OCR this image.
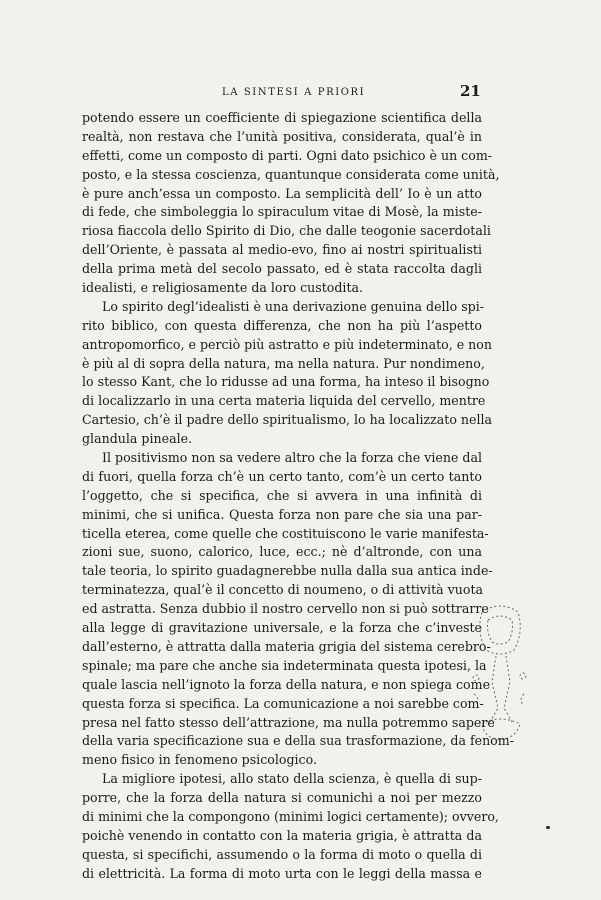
LA SINTESI A PRIORI	21
potendo essere un coefficiente di spiegazione scientifica della
realtà, non restava che l’unità positiva, considerata, qual’è in
effetti, come un composto di parti. Ogni dato psichico è un com-
posto, e la stessa coscienza, quantunque considerata come unità,
è pure anch’essa un composto. La semplicità dell’ Io è un atto
di fede, che simboleggia lo spiraculum vitae di Mosè, la miste-
riosa fiaccola dello Spirito di Dio, che dalle teogonie sacerdotali
dell’Oriente, è passata al medio-evo, fino ai nostri spiritualisti
della prima metà del secolo passato, ed è stata raccolta dagli
idealisti, e religiosamente da loro custodita.
Lo spirito degl’idealisti è una derivazione genuina dello spi-
rito biblico, con questa differenza, che non ha più l’aspetto
antropomorfico, e perciò più astratto e più indeterminato, e non
è più al di sopra della natura, ma nella natura. Pur nondimeno,
lo stesso Kant, che lo ridusse ad una forma, ha inteso il bisogno
di localizzarlo in una certa materia liquida del cervello, mentre
Cartesio, ch’è il padre dello spiritualismo, lo ha localizzato nella
glandula pineale.
Il positivismo non sa vedere altro che la forza che viene dal
di fuori, quella forza ch’è un certo tanto, com’è un certo tanto
l’oggetto, che si specifica, che si avvera in una infinità di
minimi, che si unifica. Questa forza non pare che sia una par-
ticella eterea, come quelle che costituiscono le varie manifesta-
zioni sue, suono, calorico, luce, ecc.; nè d’altronde, con una
tale teoria, lo spirito guadagnerebbe nulla dalla sua antica inde-
terminatezza, qual’è il concetto di noumeno, o di attività vuota
ed astratta. Senza dubbio il nostro cervello non si può sottrarre
alla legge di gravitazione universale, e la forza che c’investe
dall’esterno, è attratta dalla materia grigia del sistema cerebro-
spinale; ma pare che anche sia indeterminata questa ipotesi, la
quale lascia nell’ignoto la forza della natura, e non spiega come
questa forza si specifica. La comunicazione a noi sarebbe com-
presa nel fatto stesso dell’attrazione, ma nulla potremmo sapere
della varia specificazione sua e della sua trasformazione, da fenom-
meno fisico in fenomeno psicologico.
La migliore ipotesi, allo stato della scienza, è quella di sup-
porre, che la forza della natura si comunichi a noi per mezzo
di minimi che la compongono (minimi logici certamente); ovvero,
poichè venendo in contatto con la materia grigia, è attratta da
questa, si specifichi, assumendo o la forma di moto o quella di
di elettricità. La forma di moto urta con le leggi della massa e
